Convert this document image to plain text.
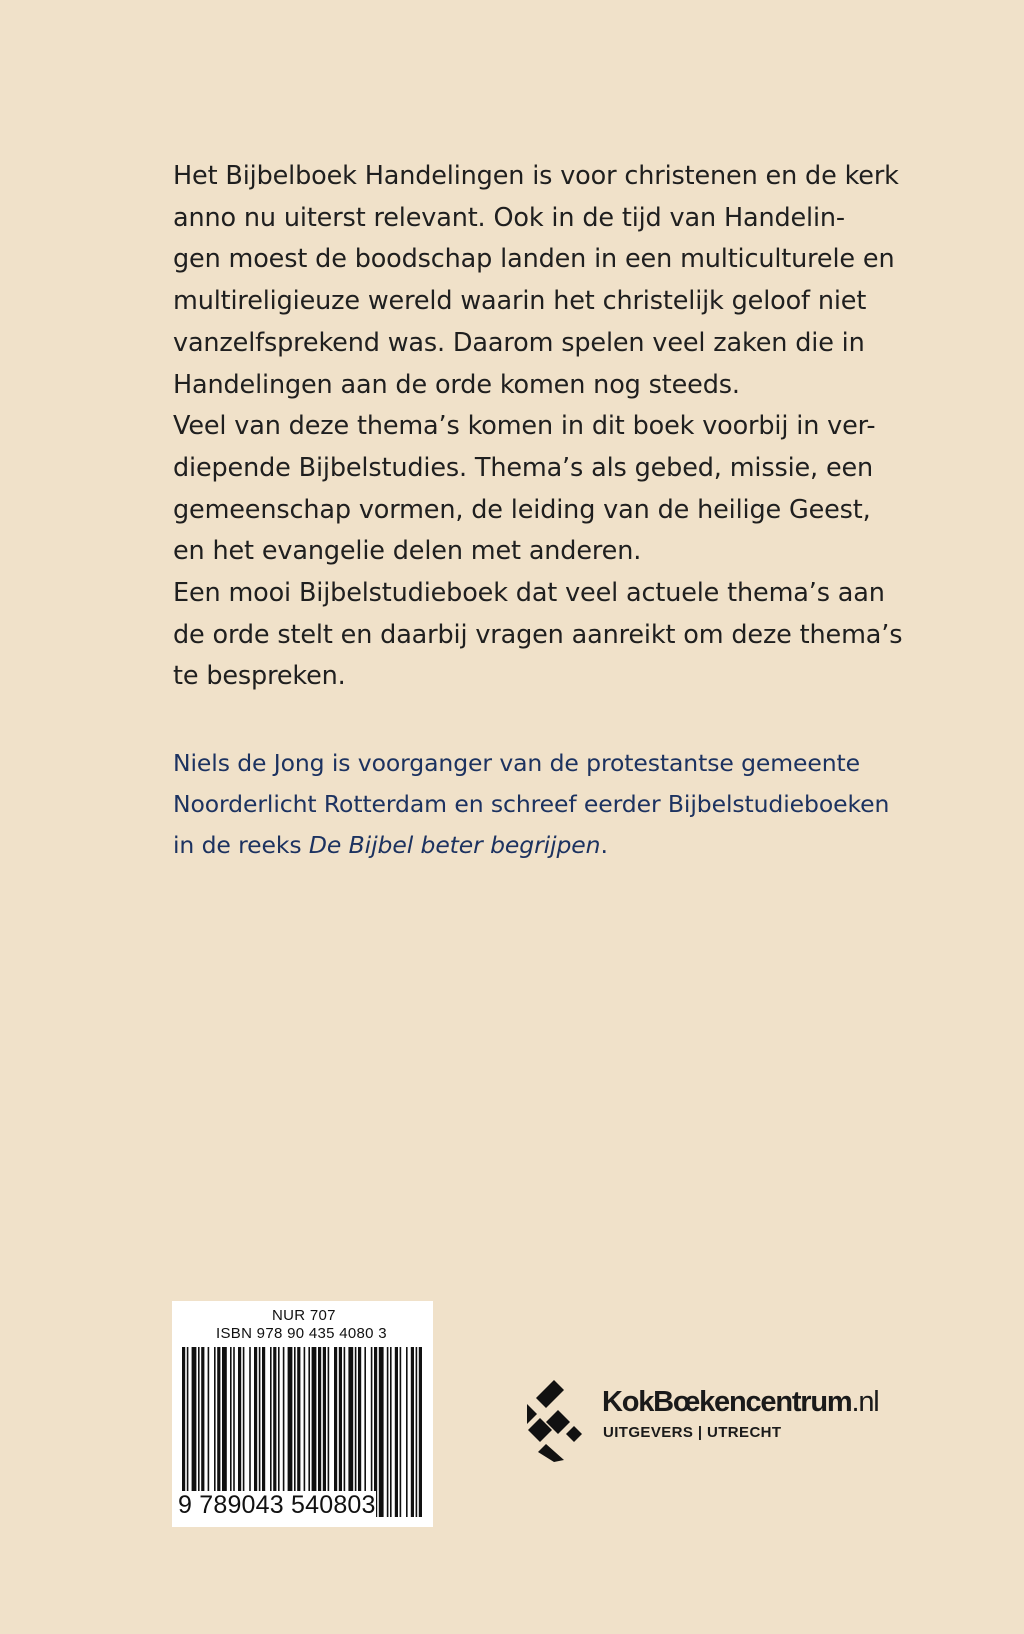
Het Bijbelboek Handelingen is voor christenen en de kerk
anno nu uiterst relevant. Ook in de tijd van Handelin-
gen moest de boodschap landen in een multiculturele en
multireligieuze wereld waarin het christelijk geloof niet
vanzelfsprekend was. Daarom spelen veel zaken die in
Handelingen aan de orde komen nog steeds.
Veel van deze thema’s komen in dit boek voorbij in ver-
diepende Bijbelstudies. Thema’s als gebed, missie, een
gemeenschap vormen, de leiding van de heilige Geest,
en het evangelie delen met anderen.
Een mooi Bijbelstudieboek dat veel actuele thema’s aan
de orde stelt en daarbij vragen aanreikt om deze thema’s
te bespreken.
Niels de Jong is voorganger van de protestantse gemeente
Noorderlicht Rotterdam en schreef eerder Bijbelstudieboeken
in de reeks De Bijbel beter begrijpen.
NUR 707
ISBN 978 90 435 4080 3
9 789043 540803
KokBœkencentrum.nl
UITGEVERS | UTRECHT
